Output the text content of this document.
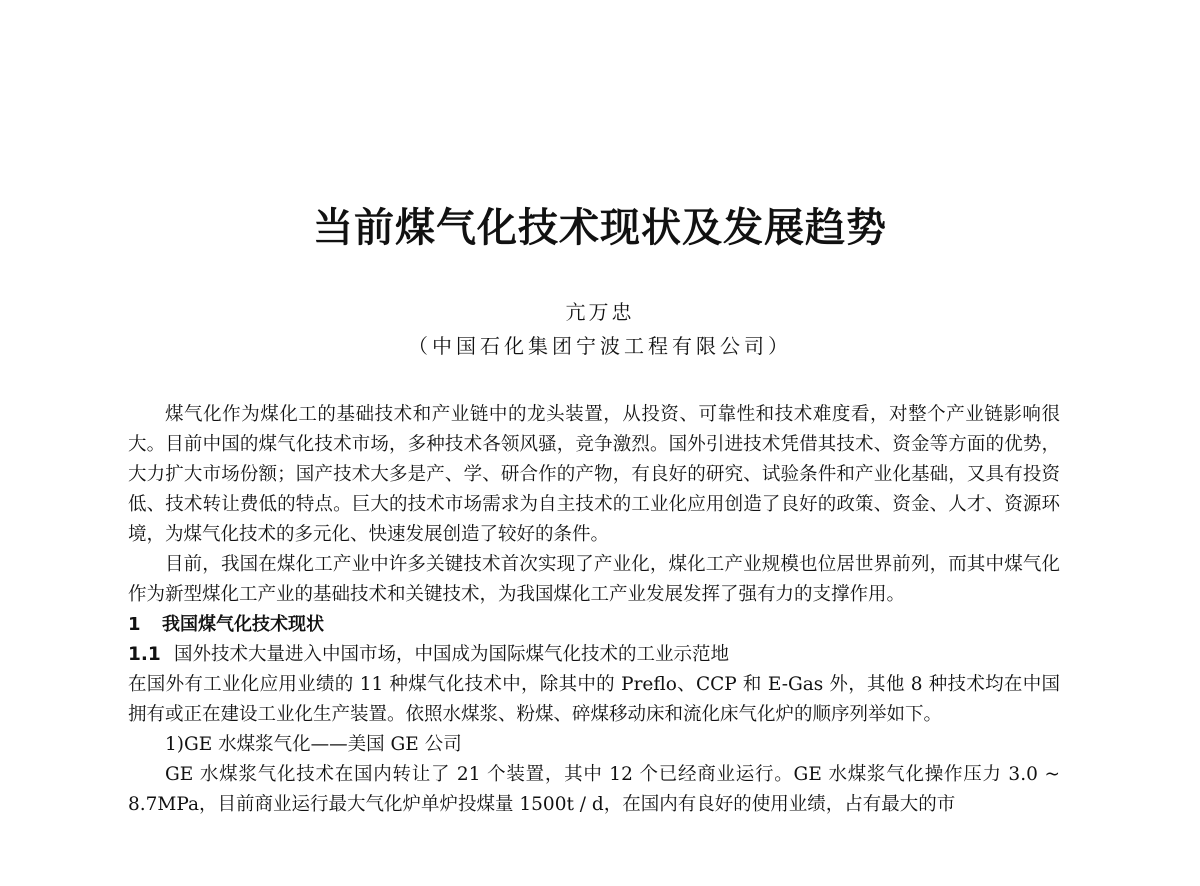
当前煤气化技术现状及发展趋势
亢万忠
（中国石化集团宁波工程有限公司）

煤气化作为煤化工的基础技术和产业链中的龙头装置，从投资、可靠性和技术难度看，对整个产业链影响很大。目前中国的煤气化技术市场，多种技术各领风骚，竞争激烈。国外引进技术凭借其技术、资金等方面的优势，大力扩大市场份额；国产技术大多是产、学、研合作的产物，有良好的研究、试验条件和产业化基础，又具有投资低、技术转让费低的特点。巨大的技术市场需求为自主技术的工业化应用创造了良好的政策、资金、人才、资源环境，为煤气化技术的多元化、快速发展创造了较好的条件。

目前，我国在煤化工产业中许多关键技术首次实现了产业化，煤化工产业规模也位居世界前列，而其中煤气化作为新型煤化工产业的基础技术和关键技术，为我国煤化工产业发展发挥了强有力的支撑作用。

1 我国煤气化技术现状

1.1 国外技术大量进入中国市场，中国成为国际煤气化技术的工业示范地

在国外有工业化应用业绩的 11 种煤气化技术中，除其中的 Preflo、CCP 和 E-Gas 外，其他 8 种技术均在中国拥有或正在建设工业化生产装置。依照水煤浆、粉煤、碎煤移动床和流化床气化炉的顺序列举如下。

1)GE 水煤浆气化——美国 GE 公司

GE 水煤浆气化技术在国内转让了 21 个装置，其中 12 个已经商业运行。GE 水煤浆气化操作压力 3.0 ~ 8.7MPa，目前商业运行最大气化炉单炉投煤量 1500t / d，在国内有良好的使用业绩，占有最大的市
